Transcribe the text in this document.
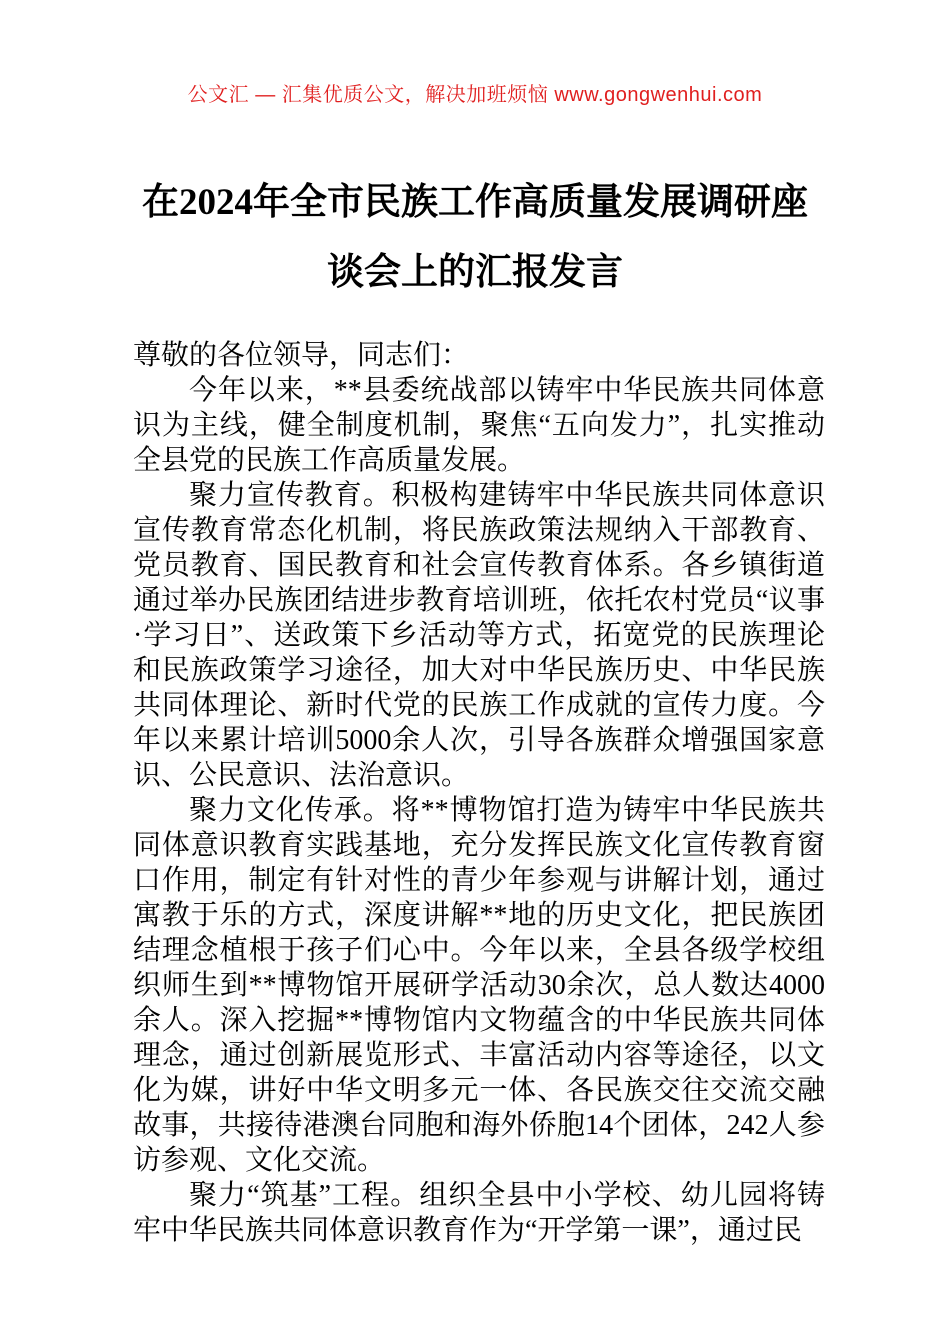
公文汇 — 汇集优质公文，解决加班烦恼 www.gongwenhui.com
在2024年全市民族工作高质量发展调研座
谈会上的汇报发言

尊敬的各位领导，同志们：

今年以来，**县委统战部以铸牢中华民族共同体意识为主线，健全制度机制，聚焦“五向发力”，扎实推动全县党的民族工作高质量发展。

聚力宣传教育。积极构建铸牢中华民族共同体意识宣传教育常态化机制，将民族政策法规纳入干部教育、党员教育、国民教育和社会宣传教育体系。各乡镇街道通过举办民族团结进步教育培训班，依托农村党员“议事·学习日”、送政策下乡活动等方式，拓宽党的民族理论和民族政策学习途径，加大对中华民族历史、中华民族共同体理论、新时代党的民族工作成就的宣传力度。今年以来累计培训5000余人次，引导各族群众增强国家意识、公民意识、法治意识。

聚力文化传承。将**博物馆打造为铸牢中华民族共同体意识教育实践基地，充分发挥民族文化宣传教育窗口作用，制定有针对性的青少年参观与讲解计划，通过寓教于乐的方式，深度讲解**地的历史文化，把民族团结理念植根于孩子们心中。今年以来，全县各级学校组织师生到**博物馆开展研学活动30余次，总人数达4000余人。深入挖掘**博物馆内文物蕴含的中华民族共同体理念，通过创新展览形式、丰富活动内容等途径，以文化为媒，讲好中华文明多元一体、各民族交往交流交融故事，共接待港澳台同胞和海外侨胞14个团体，242人参访参观、文化交流。

聚力“筑基”工程。组织全县中小学校、幼儿园将铸牢中华民族共同体意识教育作为“开学第一课”，通过民
